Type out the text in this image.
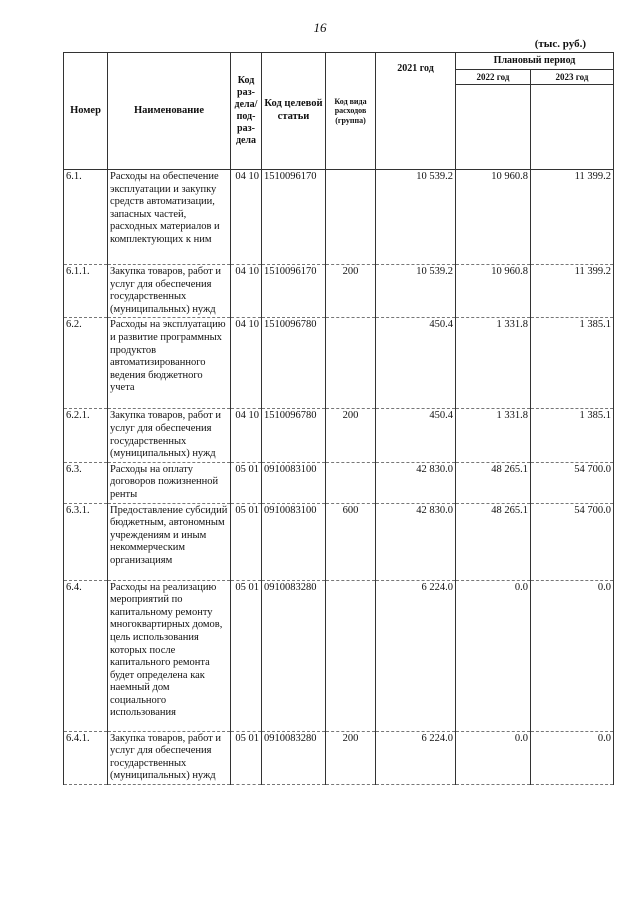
16
(тыс. руб.)
Номер	Наименование	Код раз-дела/ под-раз-дела	Код целевой статьи	Код вида расходов (группа)	2021 год	Плановый период	
						2022 год	2023 год

6.1.	Расходы на обеспечение эксплуатации и закупку средств автоматизации, запасных частей, расходных материалов и комплектующих к ним	04 10	1510096170		10 539.2	10 960.8	11 399.2
6.1.1.	Закупка товаров, работ и услуг для обеспечения государственных (муниципальных) нужд	04 10	1510096170	200	10 539.2	10 960.8	11 399.2
6.2.	Расходы на эксплуатацию и развитие программных продуктов автоматизированного ведения бюджетного учета	04 10	1510096780		450.4	1 331.8	1 385.1
6.2.1.	Закупка товаров, работ и услуг для обеспечения государственных (муниципальных) нужд	04 10	1510096780	200	450.4	1 331.8	1 385.1
6.3.	Расходы на оплату договоров пожизненной ренты	05 01	0910083100		42 830.0	48 265.1	54 700.0
6.3.1.	Предоставление субсидий бюджетным, автономным учреждениям и иным некоммерческим организациям	05 01	0910083100	600	42 830.0	48 265.1	54 700.0
6.4.	Расходы на реализацию мероприятий по капитальному ремонту многоквартирных домов, цель использования которых после капитального ремонта будет определена как наемный дом социального использования	05 01	0910083280		6 224.0	0.0	0.0
6.4.1.	Закупка товаров, работ и услуг для обеспечения государственных (муниципальных) нужд	05 01	0910083280	200	6 224.0	0.0	0.0
